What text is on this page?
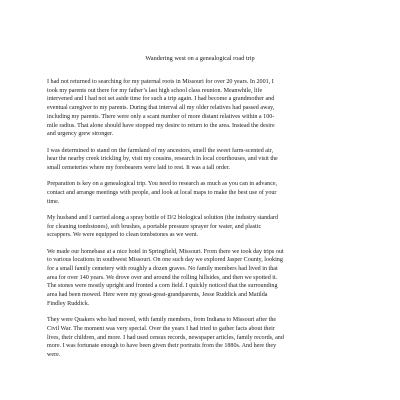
Wandering west on a genealogical road trip
I had not returned to searching for my paternal roots in Missouri for over 20 years. In 2001, I
took my parents out there for my father’s last high school class reunion. Meanwhile, life
intervened and I had not set aside time for such a trip again. I had become a grandmother and
eventual caregiver to my parents. During that interval all my older relatives had passed away,
including my parents. There were only a scant number of more distant relatives within a 100-
mile radius. That alone should have stopped my desire to return to the area. Instead the desire
and urgency grew stronger.
I was determined to stand on the farmland of my ancestors, smell the sweet farm-scented air,
hear the nearby creek trickling by, visit my cousins, research in local courthouses, and visit the
small cemeteries where my forebearers were laid to rest. It was a tall order.
Preparation is key on a genealogical trip. You need to research as much as you can in advance,
contact and arrange meetings with people, and look at local maps to make the best use of your
time.
My husband and I carried along a spray bottle of D/2 biological solution (the industry standard
for cleaning tombstones), soft brushes, a portable pressure sprayer for water, and plastic
scrappers. We were equipped to clean tombstones as we went.
We made our homebase at a nice hotel in Springfield, Missouri. From there we took day trips out
to various locations in southwest Missouri. On one such day we explored Jasper County, looking
for a small family cemetery with roughly a dozen graves. No family members had lived in that
area for over 140 years. We drove over and around the rolling hillsides, and then we spotted it.
The stones were mostly upright and fronted a corn field. I quickly noticed that the surrounding
area had been mowed. Here were my great-great-grandparents, Jesse Ruddick and Matilda
Findley Ruddick.
They were Quakers who had moved, with family members, from Indiana to Missouri after the
Civil War. The moment was very special. Over the years I had tried to gather facts about their
lives, their children, and more. I had used census records, newspaper articles, family records, and
more. I was fortunate enough to have been given their portraits from the 1880s. And here they
were.
